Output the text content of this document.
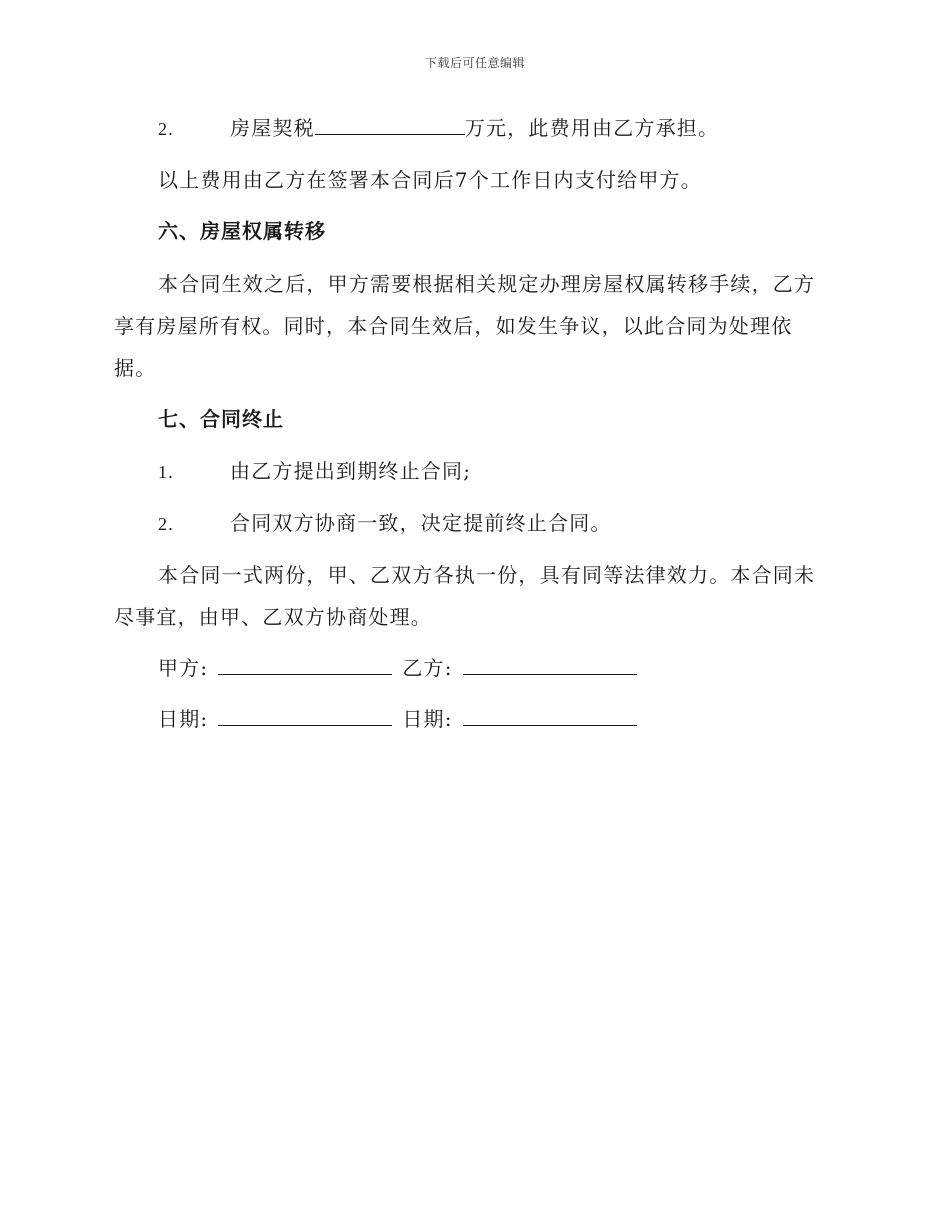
下载后可任意编辑
2.	房屋契税	万元，此费用由乙方承担。
以上费用由乙方在签署本合同后7个工作日内支付给甲方。
六、房屋权属转移
本合同生效之后，甲方需要根据相关规定办理房屋权属转移手续，乙方
享有房屋所有权。同时，本合同生效后，如发生争议，以此合同为处理依
据。
七、合同终止
1.	由乙方提出到期终止合同;
2.	合同双方协商一致，决定提前终止合同。
本合同一式两份，甲、乙双方各执一份，具有同等法律效力。本合同未
尽事宜，由甲、乙双方协商处理。
甲方:	乙方:
日期:	日期:
